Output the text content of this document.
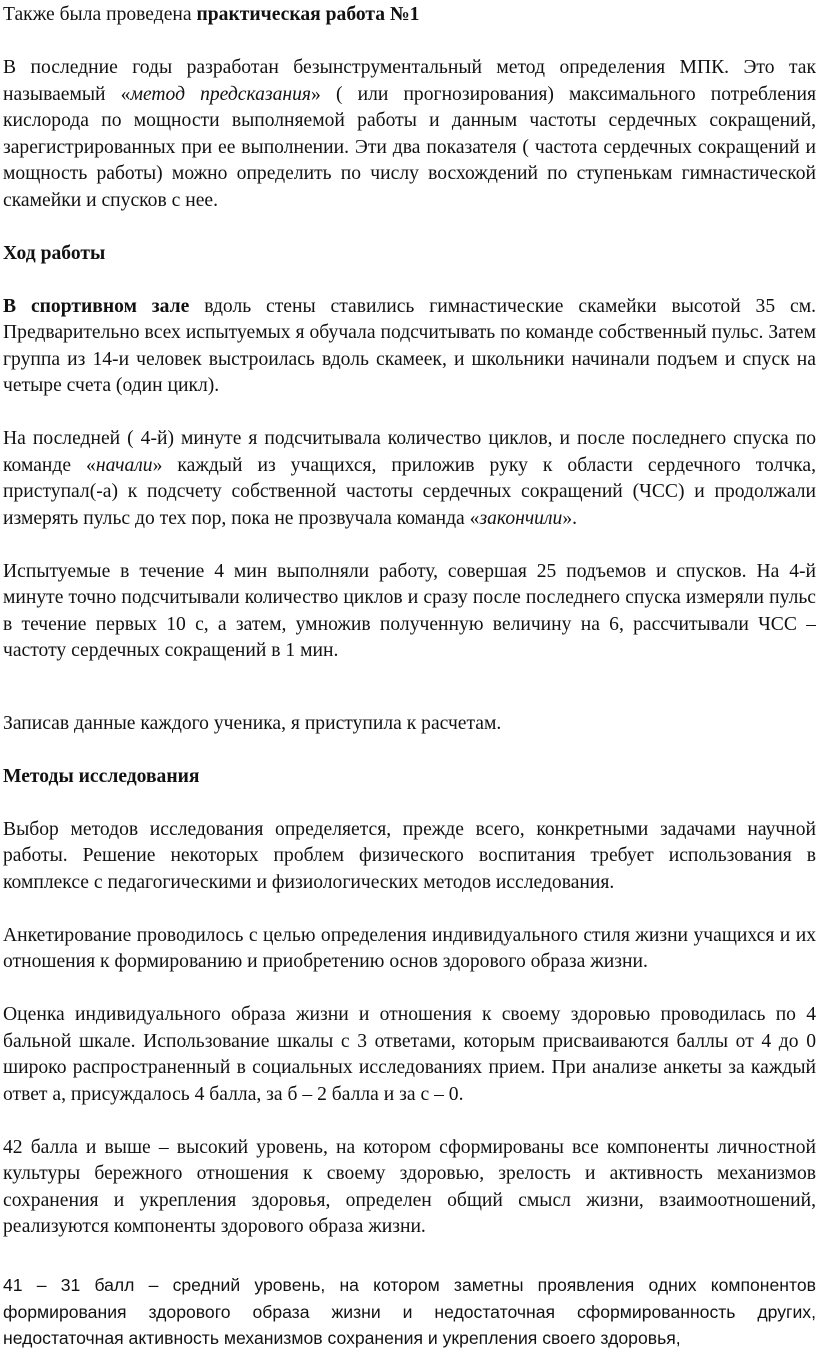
Также была проведена практическая работа №1

В последние годы разработан безынструментальный метод определения МПК. Это так называемый «метод предсказания» ( или прогнозирования) максимального потребления кислорода по мощности выполняемой работы и данным частоты сердечных сокращений, зарегистрированных при ее выполнении. Эти два показателя ( частота сердечных сокращений и мощность работы) можно определить по числу восхождений по ступенькам гимнастической скамейки и спусков с нее.

Ход работы

В спортивном зале вдоль стены ставились гимнастические скамейки высотой 35 см. Предварительно всех испытуемых я обучала подсчитывать по команде собственный пульс. Затем группа из 14-и человек выстроилась вдоль скамеек, и школьники начинали подъем и спуск на четыре счета (один цикл).

На последней ( 4-й) минуте я подсчитывала количество циклов, и после последнего спуска по команде «начали» каждый из учащихся, приложив руку к области сердечного толчка, приступал(-а) к подсчету собственной частоты сердечных сокращений (ЧСС) и продолжали измерять пульс до тех пор, пока не прозвучала команда «закончили».

Испытуемые в течение 4 мин выполняли работу, совершая 25 подъемов и спусков. На 4-й минуте точно подсчитывали количество циклов и сразу после последнего спуска измеряли пульс в течение первых 10 с, а затем, умножив полученную величину на 6, рассчитывали ЧСС – частоту сердечных сокращений в 1 мин.

Записав данные каждого ученика, я приступила к расчетам.

Методы исследования

Выбор методов исследования определяется, прежде всего, конкретными задачами научной работы. Решение некоторых проблем физического воспитания требует использования в комплексе с педагогическими и физиологических методов исследования.

Анкетирование проводилось с целью определения индивидуального стиля жизни учащихся и их отношения к формированию и приобретению основ здорового образа жизни.

Оценка индивидуального образа жизни и отношения к своему здоровью проводилась по 4 бальной шкале. Использование шкалы с 3 ответами, которым присваиваются баллы от 4 до 0 широко распространенный в социальных исследованиях прием. При анализе анкеты за каждый ответ а, присуждалось 4 балла, за б – 2 балла и за с – 0.

42 балла и выше – высокий уровень, на котором сформированы все компоненты личностной культуры бережного отношения к своему здоровью, зрелость и активность механизмов сохранения и укрепления здоровья, определен общий смысл жизни, взаимоотношений, реализуются компоненты здорового образа жизни.

41 – 31 балл – средний уровень, на котором заметны проявления одних компонентов формирования здорового образа жизни и недостаточная сформированность других, недостаточная активность механизмов сохранения и укрепления своего здоровья,
